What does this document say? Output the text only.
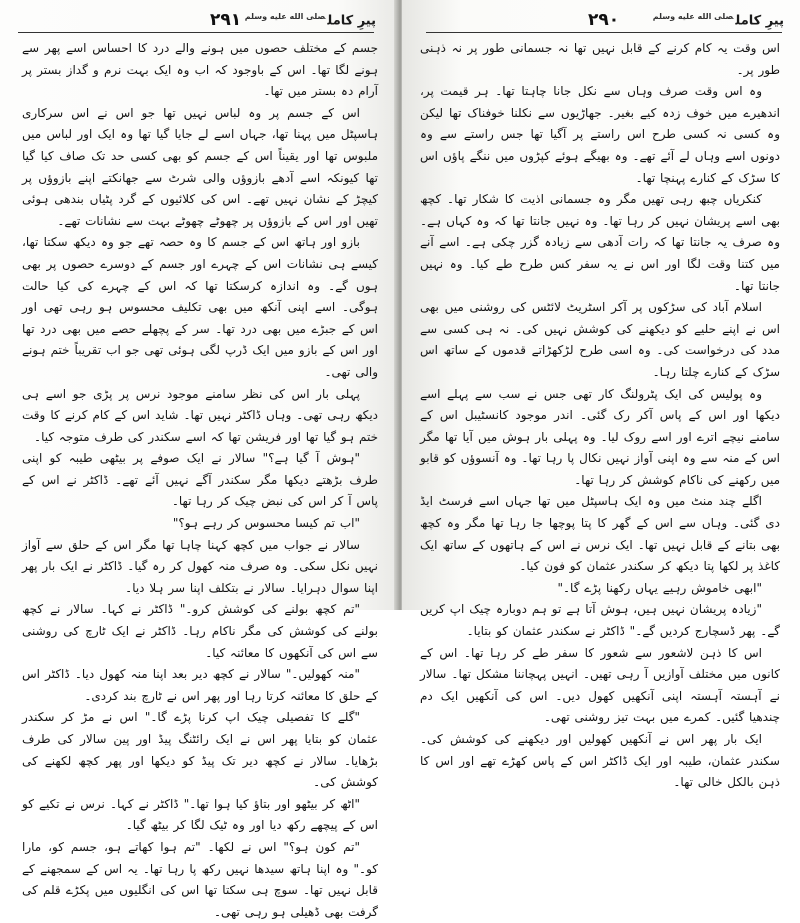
پیرِ کامل$^{صلى الله عليه وسلم}$
۲۹۱

جسم کے مختلف حصوں میں ہونے والے درد کا احساس اسے پھر سے ہونے لگا تھا۔ اس کے باوجود کہ اب وہ ایک بہت نرم و گداز بستر پر آرام دہ بستر میں تھا۔

اس کے جسم پر وہ لباس نہیں تھا جو اس نے اس سرکاری ہاسپٹل میں پہنا تھا، جہاں اسے لے جایا گیا تھا وہ ایک اور لباس میں ملبوس تھا اور یقیناً اس کے جسم کو بھی کسی حد تک صاف کیا گیا تھا کیونکہ اسے آدھے بازوؤں والی شرٹ سے جھانکتے اپنے بازوؤں پر کیچڑ کے نشان نہیں تھے۔ اس کی کلائیوں کے گرد پٹیاں بندھی ہوئی تھیں اور اس کے بازوؤں پر چھوٹے چھوٹے بہت سے نشانات تھے۔

بازو اور ہاتھ اس کے جسم کا وہ حصہ تھے جو وہ دیکھ سکتا تھا، کیسے ہی نشانات اس کے چہرے اور جسم کے دوسرے حصوں پر بھی ہوں گے۔ وہ اندازہ کرسکتا تھا کہ اس کے چہرے کی کیا حالت ہوگی۔ اسے اپنی آنکھ میں بھی تکلیف محسوس ہو رہی تھی اور اس کے جبڑے میں بھی درد تھا۔ سر کے پچھلے حصے میں بھی درد تھا اور اس کے بازو میں ایک ڈرپ لگی ہوئی تھی جو اب تقریباً ختم ہونے والی تھی۔

پہلی بار اس کی نظر سامنے موجود نرس پر پڑی جو اسے ہی دیکھ رہی تھی۔ وہاں ڈاکٹر نہیں تھا۔ شاید اس کے کام کرنے کا وقت ختم ہو گیا تھا اور فریشن تھا کہ اسے سکندر کی طرف متوجہ کیا۔

"ہوش آ گیا ہے؟" سالار نے ایک صوفے پر بیٹھی طیبہ کو اپنی طرف بڑھتے دیکھا مگر سکندر آگے نہیں آئے تھے۔ ڈاکٹر نے اس کے پاس آ کر اس کی نبض چیک کر رہا تھا۔

"اب تم کیسا محسوس کر رہے ہو؟"

سالار نے جواب میں کچھ کہنا چاہا تھا مگر اس کے حلق سے آواز نہیں نکل سکی۔ وہ صرف منہ کھول کر رہ گیا۔ ڈاکٹر نے ایک بار پھر اپنا سوال دہرایا۔ سالار نے بتکلف اپنا سر ہلا دیا۔

"تم کچھ بولنے کی کوشش کرو۔" ڈاکٹر نے کہا۔ سالار نے کچھ بولنے کی کوشش کی مگر ناکام رہا۔ ڈاکٹر نے ایک ٹارچ کی روشنی سے اس کی آنکھوں کا معائنہ کیا۔

"منہ کھولیں۔" سالار نے کچھ دیر بعد اپنا منہ کھول دیا۔ ڈاکٹر اس کے حلق کا معائنہ کرتا رہا اور پھر اس نے ٹارچ بند کردی۔

"گلے کا تفصیلی چیک اپ کرنا پڑے گا۔" اس نے مڑ کر سکندر عثمان کو بتایا پھر اس نے ایک رائٹنگ پیڈ اور پین سالار کی طرف بڑھایا۔ سالار نے کچھ دیر تک پیڈ کو دیکھا اور پھر کچھ لکھنے کی کوشش کی۔

"اٹھ کر بیٹھو اور بتاؤ کیا ہوا تھا۔" ڈاکٹر نے کہا۔ نرس نے تکیے کو اس کے پیچھے رکھ دیا اور وہ ٹیک لگا کر بیٹھ گیا۔

"تم کون ہو؟" اس نے لکھا۔ "تم ہوا کھاتے ہو، جسم کو، مارا کو۔" وہ اپنا ہاتھ سیدھا نہیں رکھ پا رہا تھا۔ یہ اس کے سمجھنے کے قابل نہیں تھا۔ سوچ ہی سکتا تھا اس کی انگلیوں میں پکڑے قلم کی گرفت بھی ڈھیلی ہو رہی تھی۔

پیرِ کامل$^{صلى الله عليه وسلم}$
۲۹۰

اس وقت یہ کام کرنے کے قابل نہیں تھا نہ جسمانی طور پر نہ ذہنی طور پر۔

وہ اس وقت صرف وہاں سے نکل جانا چاہتا تھا۔ ہر قیمت پر، اندھیرے میں خوف زدہ کیے بغیر۔ جھاڑیوں سے نکلنا خوفناک تھا لیکن وہ کسی نہ کسی طرح اس راستے پر آگیا تھا جس راستے سے وہ دونوں اسے وہاں لے آئے تھے۔ وہ بھیگے ہوئے کپڑوں میں ننگے پاؤں اس کا سڑک کے کنارے پہنچا تھا۔

کنکریاں چبھ رہی تھیں مگر وہ جسمانی اذیت کا شکار تھا۔ کچھ بھی اسے پریشان نہیں کر رہا تھا۔ وہ نہیں جانتا تھا کہ وہ کہاں ہے۔ وہ صرف یہ جانتا تھا کہ رات آدھی سے زیادہ گزر چکی ہے۔ اسے آنے میں کتنا وقت لگا اور اس نے یہ سفر کس طرح طے کیا۔ وہ نہیں جانتا تھا۔

اسلام آباد کی سڑکوں پر آکر اسٹریٹ لائٹس کی روشنی میں بھی اس نے اپنے حلیے کو دیکھنے کی کوشش نہیں کی۔ نہ ہی کسی سے مدد کی درخواست کی۔ وہ اسی طرح لڑکھڑاتے قدموں کے ساتھ اس سڑک کے کنارے چلتا رہا۔

وہ پولیس کی ایک پٹرولنگ کار تھی جس نے سب سے پہلے اسے دیکھا اور اس کے پاس آکر رک گئی۔ اندر موجود کانسٹیبل اس کے سامنے نیچے اترے اور اسے روک لیا۔ وہ پہلی بار ہوش میں آیا تھا مگر اس کے منہ سے وہ اپنی آواز نہیں نکال پا رہا تھا۔ وہ آنسوؤں کو قابو میں رکھنے کی ناکام کوشش کر رہا تھا۔

اگلے چند منٹ میں وہ ایک ہاسپٹل میں تھا جہاں اسے فرسٹ ایڈ دی گئی۔ وہاں سے اس کے گھر کا پتا پوچھا جا رہا تھا مگر وہ کچھ بھی بتانے کے قابل نہیں تھا۔ ایک نرس نے اس کے ہاتھوں کے ساتھ ایک کاغذ پر لکھا پتا دیکھ کر سکندر عثمان کو فون کیا۔

"ابھی خاموش رہیے یہاں رکھنا پڑے گا۔"

"زیادہ پریشان نہیں ہیں، ہوش آتا ہے تو ہم دوبارہ چیک اپ کریں گے۔ پھر ڈسچارج کردیں گے۔" ڈاکٹر نے سکندر عثمان کو بتایا۔

اس کا ذہن لاشعور سے شعور کا سفر طے کر رہا تھا۔ اس کے کانوں میں مختلف آوازیں آ رہی تھیں۔ انہیں پہچاننا مشکل تھا۔ سالار نے آہستہ آہستہ اپنی آنکھیں کھول دیں۔ اس کی آنکھیں ایک دم چندھیا گئیں۔ کمرے میں بہت تیز روشنی تھی۔

ایک بار پھر اس نے آنکھیں کھولیں اور دیکھنے کی کوشش کی۔ سکندر عثمان، طیبہ اور ایک ڈاکٹر اس کے پاس کھڑے تھے اور اس کا ذہن بالکل خالی تھا۔
